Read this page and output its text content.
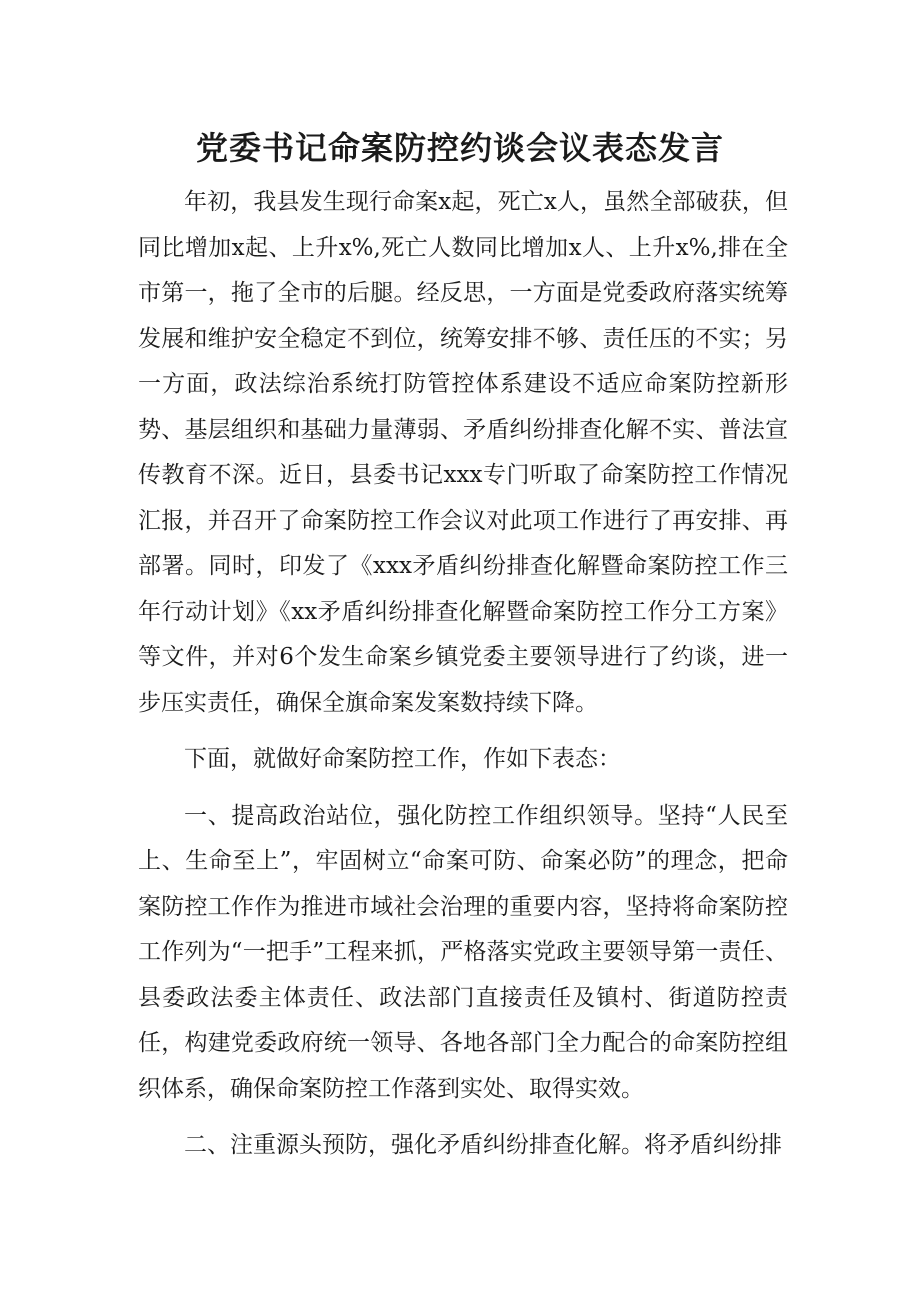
党委书记命案防控约谈会议表态发言

年初，我县发生现行命案x起，死亡x人，虽然全部破获，但同比增加x起、上升x%,死亡人数同比增加x人、上升x%,排在全市第一，拖了全市的后腿。经反思，一方面是党委政府落实统筹发展和维护安全稳定不到位，统筹安排不够、责任压的不实；另一方面，政法综治系统打防管控体系建设不适应命案防控新形势、基层组织和基础力量薄弱、矛盾纠纷排查化解不实、普法宣传教育不深。近日，县委书记xxx专门听取了命案防控工作情况汇报，并召开了命案防控工作会议对此项工作进行了再安排、再部署。同时，印发了《xxx矛盾纠纷排查化解暨命案防控工作三年行动计划》《xx矛盾纠纷排查化解暨命案防控工作分工方案》等文件，并对6个发生命案乡镇党委主要领导进行了约谈，进一步压实责任，确保全旗命案发案数持续下降。

下面，就做好命案防控工作，作如下表态：

一、提高政治站位，强化防控工作组织领导。坚持“人民至上、生命至上”，牢固树立“命案可防、命案必防”的理念，把命案防控工作作为推进市域社会治理的重要内容，坚持将命案防控工作列为“一把手”工程来抓，严格落实党政主要领导第一责任、县委政法委主体责任、政法部门直接责任及镇村、街道防控责任，构建党委政府统一领导、各地各部门全力配合的命案防控组织体系，确保命案防控工作落到实处、取得实效。

二、注重源头预防，强化矛盾纠纷排查化解。将矛盾纠纷排
